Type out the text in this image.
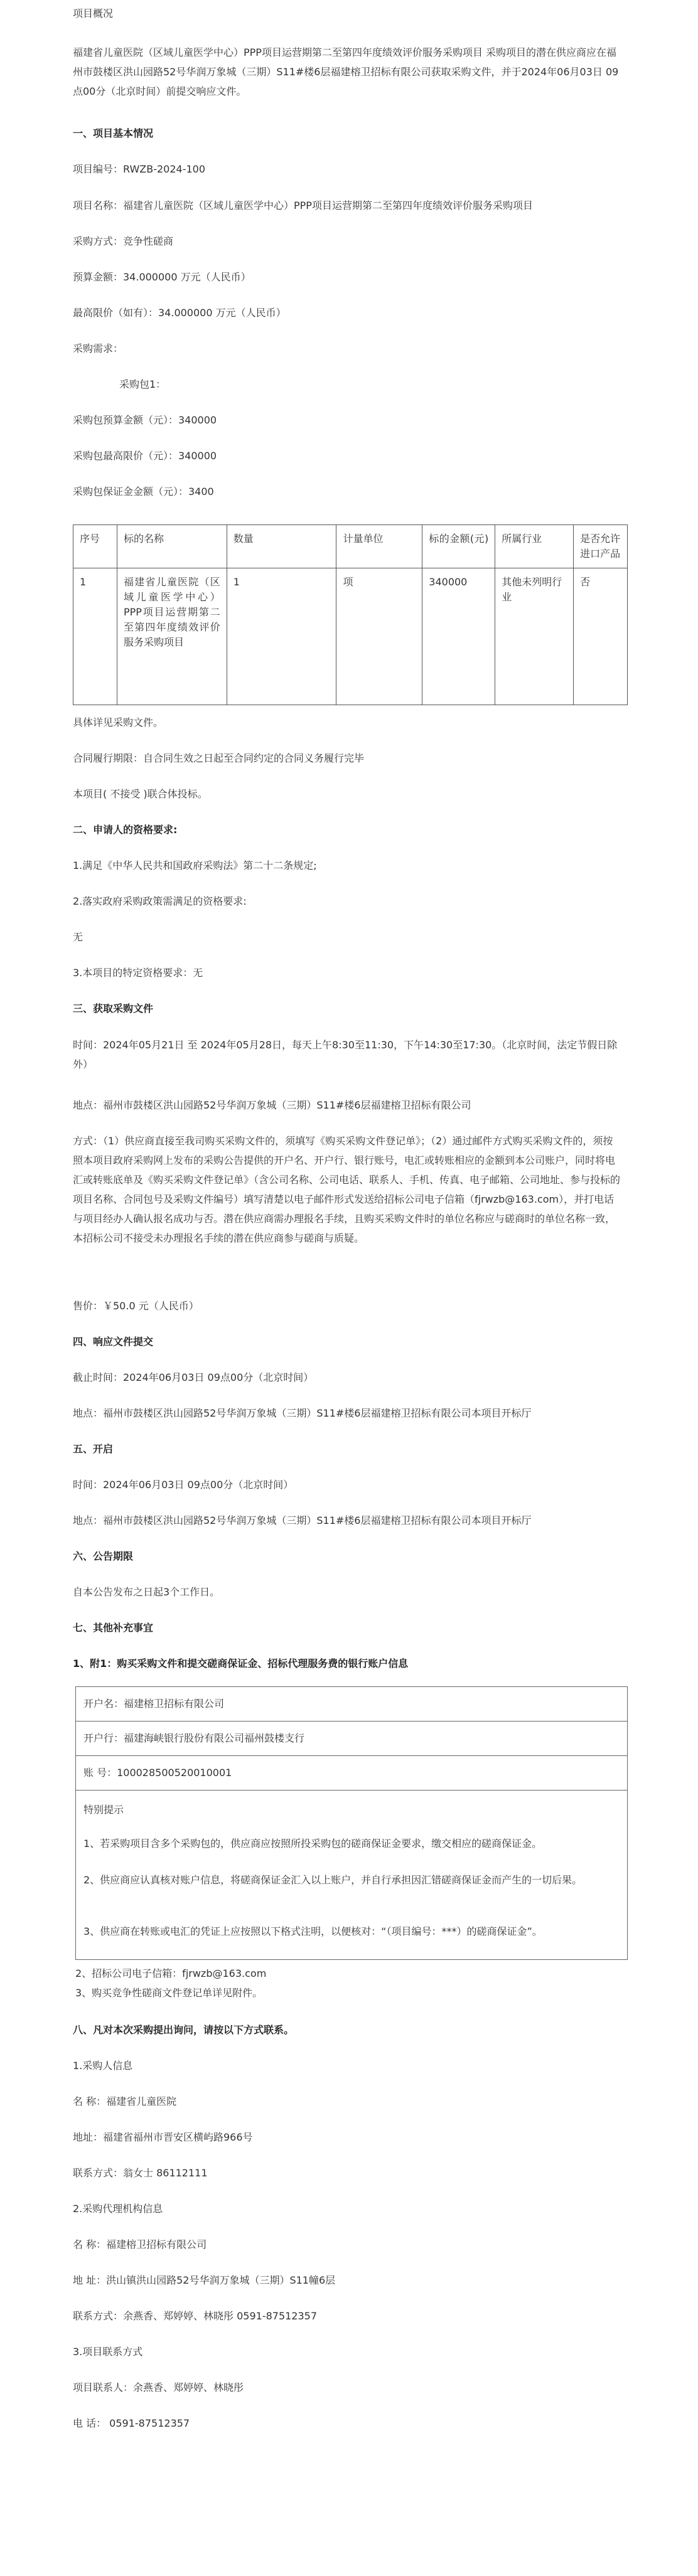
项目概况
福建省儿童医院（区域儿童医学中心）PPP项目运营期第二至第四年度绩效评价服务采购项目 采购项目的潜在供应商应在福州市鼓楼区洪山园路52号华润万象城（三期）S11#楼6层福建榕卫招标有限公司获取采购文件，并于2024年06月03日 09点00分（北京时间）前提交响应文件。
一、项目基本情况
项目编号：RWZB-2024-100
项目名称：福建省儿童医院（区域儿童医学中心）PPP项目运营期第二至第四年度绩效评价服务采购项目
采购方式：竞争性磋商
预算金额：34.000000 万元（人民币）
最高限价（如有）：34.000000 万元（人民币）
采购需求：
采购包1：
采购包预算金额（元）：340000
采购包最高限价（元）：340000
采购包保证金金额（元）：3400
序号	标的名称	数量	计量单位	标的金额(元)	所属行业	是否允许进口产品
1	福建省儿童医院（区域儿童医学中心）PPP项目运营期第二至第四年度绩效评价服务采购项目	1	项	340000	其他未列明行业	否
具体详见采购文件。
合同履行期限：自合同生效之日起至合同约定的合同义务履行完毕
本项目( 不接受 )联合体投标。
二、申请人的资格要求:
1.满足《中华人民共和国政府采购法》第二十二条规定;
2.落实政府采购政策需满足的资格要求:
无
3.本项目的特定资格要求：无
三、获取采购文件
时间：2024年05月21日 至 2024年05月28日，每天上午8:30至11:30，下午14:30至17:30。（北京时间，法定节假日除外）
地点：福州市鼓楼区洪山园路52号华润万象城（三期）S11#楼6层福建榕卫招标有限公司
方式：（1）供应商直接至我司购买采购文件的，须填写《购买采购文件登记单》；（2）通过邮件方式购买采购文件的，须按照本项目政府采购网上发布的采购公告提供的开户名、开户行、银行账号，电汇或转账相应的金额到本公司账户，同时将电汇或转账底单及《购买采购文件登记单》（含公司名称、公司电话、联系人、手机、传真、电子邮箱、公司地址、参与投标的项目名称、合同包号及采购文件编号）填写清楚以电子邮件形式发送给招标公司电子信箱（fjrwzb@163.com），并打电话与项目经办人确认报名成功与否。潜在供应商需办理报名手续，且购买采购文件时的单位名称应与磋商时的单位名称一致，本招标公司不接受未办理报名手续的潜在供应商参与磋商与质疑。
售价：￥50.0 元（人民币）
四、响应文件提交
截止时间：2024年06月03日 09点00分（北京时间）
地点：福州市鼓楼区洪山园路52号华润万象城（三期）S11#楼6层福建榕卫招标有限公司本项目开标厅
五、开启
时间：2024年06月03日 09点00分（北京时间）
地点：福州市鼓楼区洪山园路52号华润万象城（三期）S11#楼6层福建榕卫招标有限公司本项目开标厅
六、公告期限
自本公告发布之日起3个工作日。
七、其他补充事宜
1、附1：购买采购文件和提交磋商保证金、招标代理服务费的银行账户信息
开户名：福建榕卫招标有限公司
开户行：福建海峡银行股份有限公司福州鼓楼支行
账 号：100028500520010001
特别提示
1、若采购项目含多个采购包的，供应商应按照所投采购包的磋商保证金要求，缴交相应的磋商保证金。
2、供应商应认真核对账户信息，将磋商保证金汇入以上账户，并自行承担因汇错磋商保证金而产生的一切后果。
3、供应商在转账或电汇的凭证上应按照以下格式注明，以便核对：“（项目编号：***）的磋商保证金”。
2、招标公司电子信箱：fjrwzb@163.com
3、购买竞争性磋商文件登记单详见附件。
八、凡对本次采购提出询问，请按以下方式联系。
1.采购人信息
名 称：福建省儿童医院
地址：福建省福州市晋安区横屿路966号
联系方式：翁女士 86112111
2.采购代理机构信息
名 称：福建榕卫招标有限公司
地 址：洪山镇洪山园路52号华润万象城（三期）S11幢6层
联系方式：余燕香、郑婷婷、林晓彤 0591-87512357
3.项目联系方式
项目联系人：余燕香、郑婷婷、林晓彤
电 话： 0591-87512357
